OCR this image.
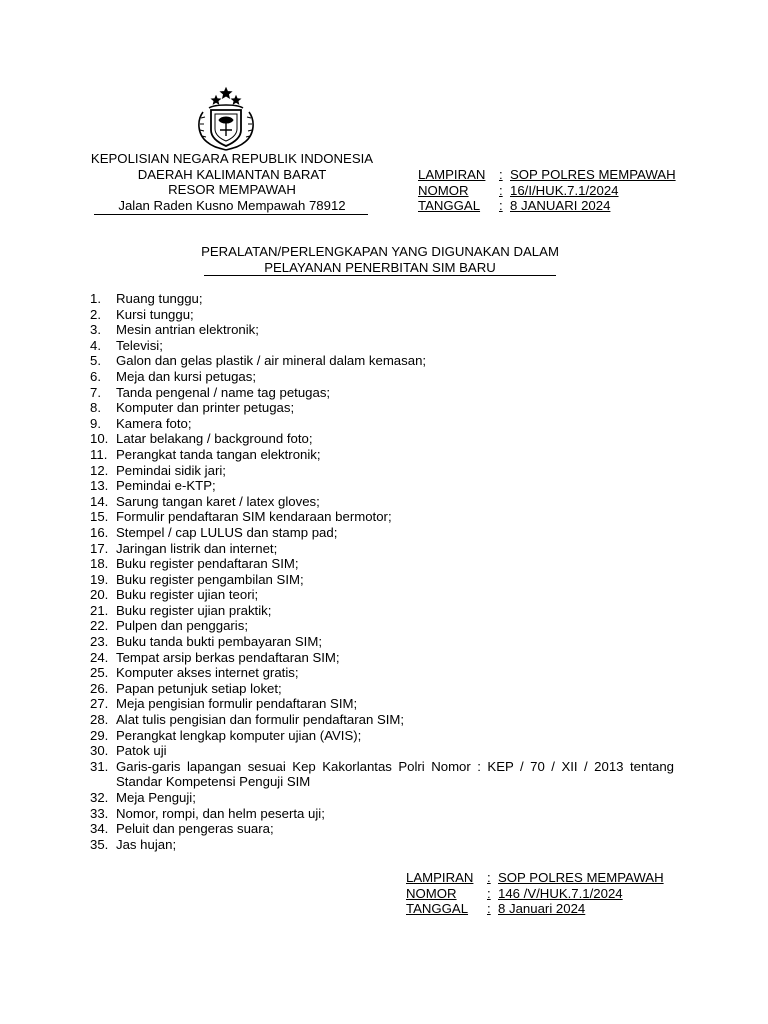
KEPOLISIAN NEGARA REPUBLIK INDONESIA
DAERAH KALIMANTAN BARAT
RESOR MEMPAWAH
Jalan Raden Kusno Mempawah 78912
LAMPIRAN	: SOP POLRES MEMPAWAH
NOMOR	: 16/I/HUK.7.1/2024
TANGGAL	: 8 JANUARI 2024
PERALATAN/PERLENGKAPAN YANG DIGUNAKAN DALAM
PELAYANAN PENERBITAN SIM BARU
1.	Ruang tunggu;
2.	Kursi tunggu;
3.	Mesin antrian elektronik;
4.	Televisi;
5.	Galon dan gelas plastik / air mineral dalam kemasan;
6.	Meja dan kursi petugas;
7.	Tanda pengenal / name tag petugas;
8.	Komputer dan printer petugas;
9.	Kamera foto;
10. Latar belakang / background foto;
11. Perangkat tanda tangan elektronik;
12. Pemindai sidik jari;
13. Pemindai e-KTP;
14. Sarung tangan karet / latex gloves;
15. Formulir pendaftaran SIM kendaraan bermotor;
16. Stempel / cap LULUS dan stamp pad;
17. Jaringan listrik dan internet;
18. Buku register pendaftaran SIM;
19. Buku register pengambilan SIM;
20. Buku register ujian teori;
21. Buku register ujian praktik;
22. Pulpen dan penggaris;
23. Buku tanda bukti pembayaran SIM;
24. Tempat arsip berkas pendaftaran SIM;
25. Komputer akses internet gratis;
26. Papan petunjuk setiap loket;
27. Meja pengisian formulir pendaftaran SIM;
28. Alat tulis pengisian dan formulir pendaftaran SIM;
29. Perangkat lengkap komputer ujian (AVIS);
30. Patok uji
31. Garis-garis lapangan sesuai Kep Kakorlantas Polri Nomor : KEP / 70 / XII / 2013 tentang Standar Kompetensi Penguji SIM
32. Meja Penguji;
33. Nomor, rompi, dan helm peserta uji;
34. Peluit dan pengeras suara;
35. Jas hujan;
LAMPIRAN	: SOP POLRES MEMPAWAH
NOMOR	: 146 /V/HUK.7.1/2024
TANGGAL	: 8 Januari 2024
